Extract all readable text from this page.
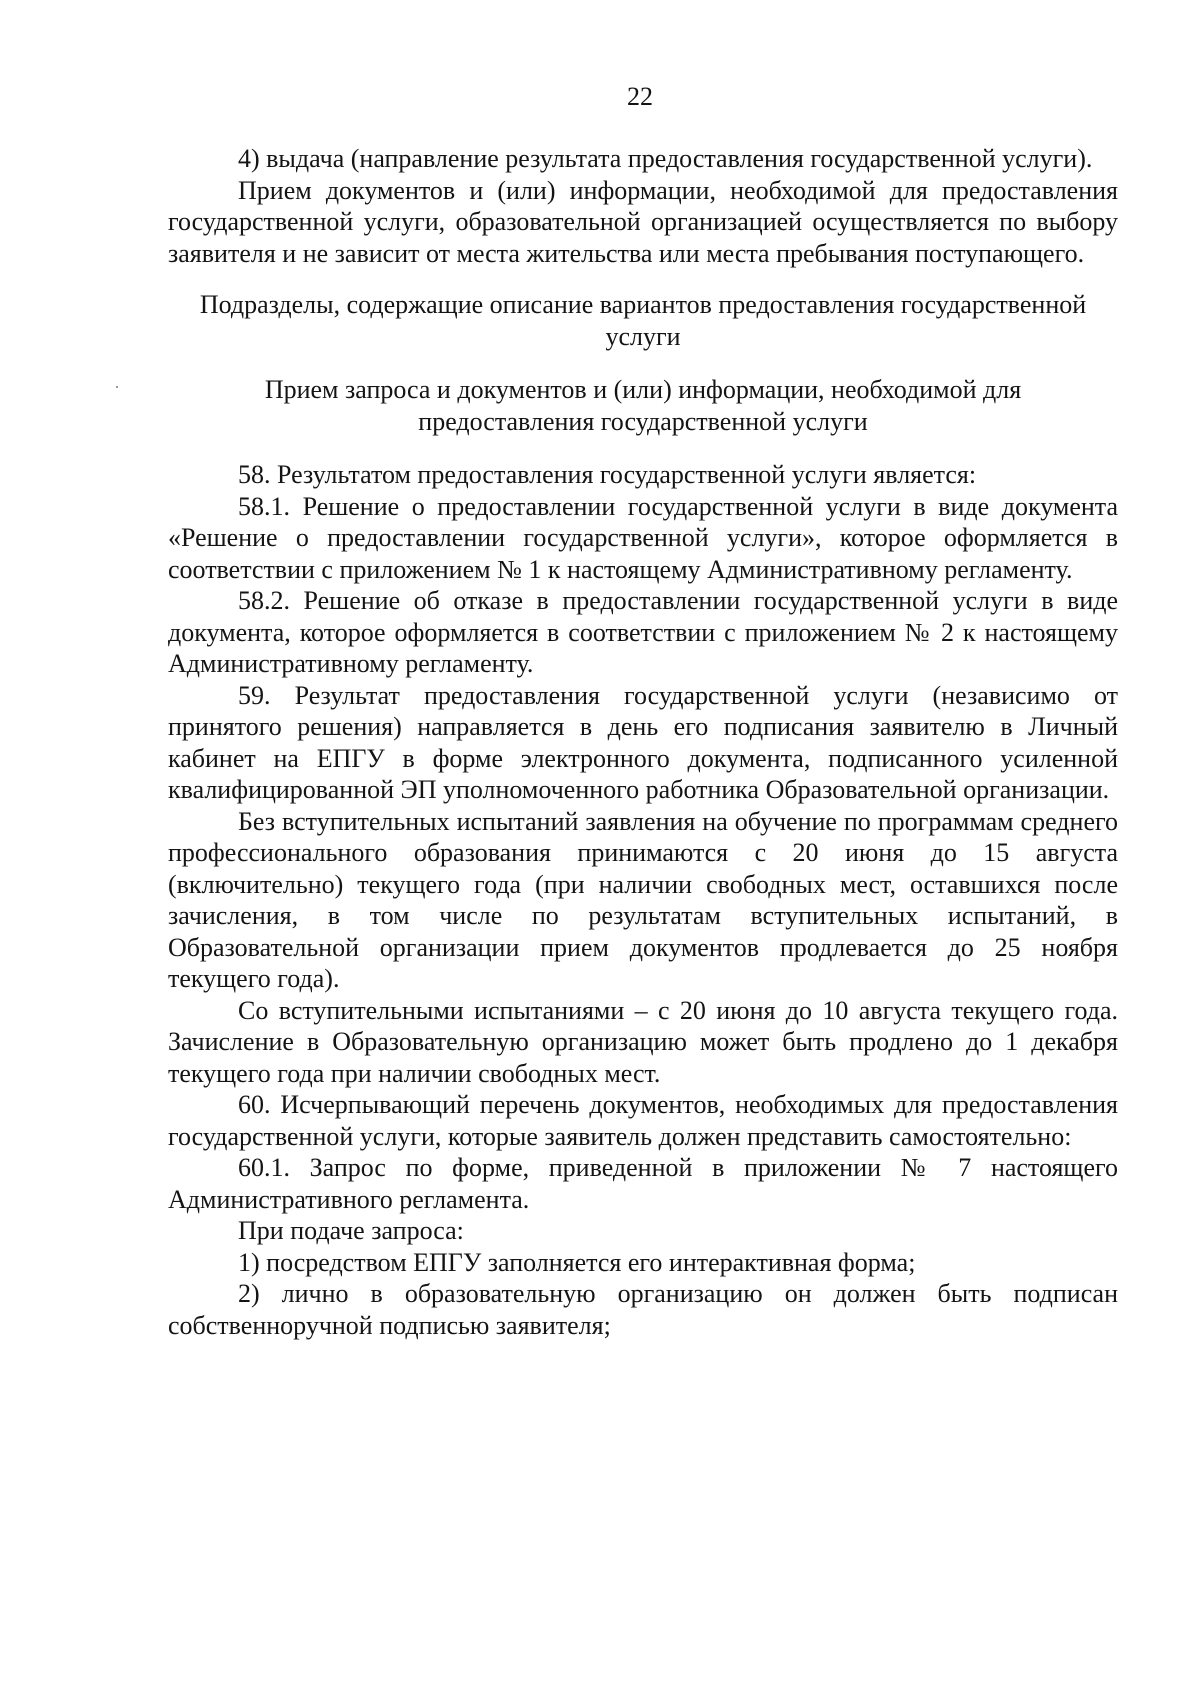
22

4) выдача (направление результата предоставления государственной услуги).

Прием документов и (или) информации, необходимой для предоставления государственной услуги, образовательной организацией осуществляется по выбору заявителя и не зависит от места жительства или места пребывания поступающего.

Подразделы, содержащие описание вариантов предоставления государственной услуги

Прием запроса и документов и (или) информации, необходимой для предоставления государственной услуги

58. Результатом предоставления государственной услуги является:

58.1. Решение о предоставлении государственной услуги в виде документа «Решение о предоставлении государственной услуги», которое оформляется в соответствии с приложением № 1 к настоящему Административному регламенту.

58.2. Решение об отказе в предоставлении государственной услуги в виде документа, которое оформляется в соответствии с приложением № 2 к настоящему Административному регламенту.

59. Результат предоставления государственной услуги (независимо от принятого решения) направляется в день его подписания заявителю в Личный кабинет на ЕПГУ в форме электронного документа, подписанного усиленной квалифицированной ЭП уполномоченного работника Образовательной организации.

Без вступительных испытаний заявления на обучение по программам среднего профессионального образования принимаются с 20 июня до 15 августа (включительно) текущего года (при наличии свободных мест, оставшихся после зачисления, в том числе по результатам вступительных испытаний, в Образовательной организации прием документов продлевается до 25 ноября текущего года).

Со вступительными испытаниями – с 20 июня до 10 августа текущего года. Зачисление в Образовательную организацию может быть продлено до 1 декабря текущего года при наличии свободных мест.

60. Исчерпывающий перечень документов, необходимых для предоставления государственной услуги, которые заявитель должен представить самостоятельно:

60.1. Запрос по форме, приведенной в приложении № 7 настоящего Административного регламента.

При подаче запроса:

1) посредством ЕПГУ заполняется его интерактивная форма;

2) лично в образовательную организацию он должен быть подписан собственноручной подписью заявителя;
